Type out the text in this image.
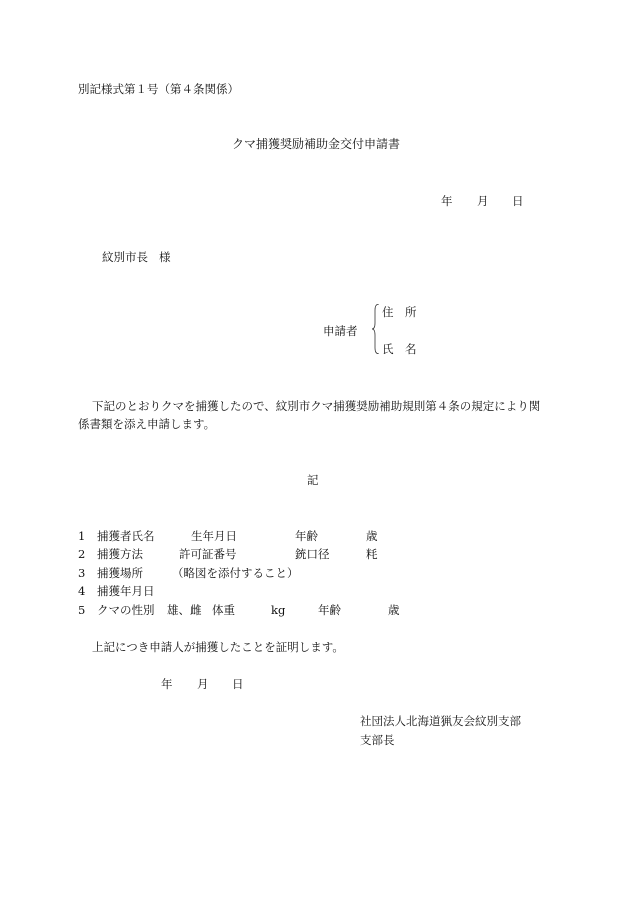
別記様式第１号（第４条関係）
クマ捕獲奨励補助金交付申請書
年 月 日
紋別市長 様
申請者
住　所
氏　名
下記のとおりクマを捕獲したので、紋別市クマ捕獲奨励補助規則第４条の規定により関
係書類を添え申請します。
記
1 捕獲者氏名	生年月日	年齢	歳
2 捕獲方法	許可証番号	銃口径	粍
3 捕獲場所	（略図を添付すること）
4 捕獲年月日
5 クマの性別 雄、雌 体重	kg	年齢	歳
上記につき申請人が捕獲したことを証明します。
年 月 日
社団法人北海道猟友会紋別支部
支部長
